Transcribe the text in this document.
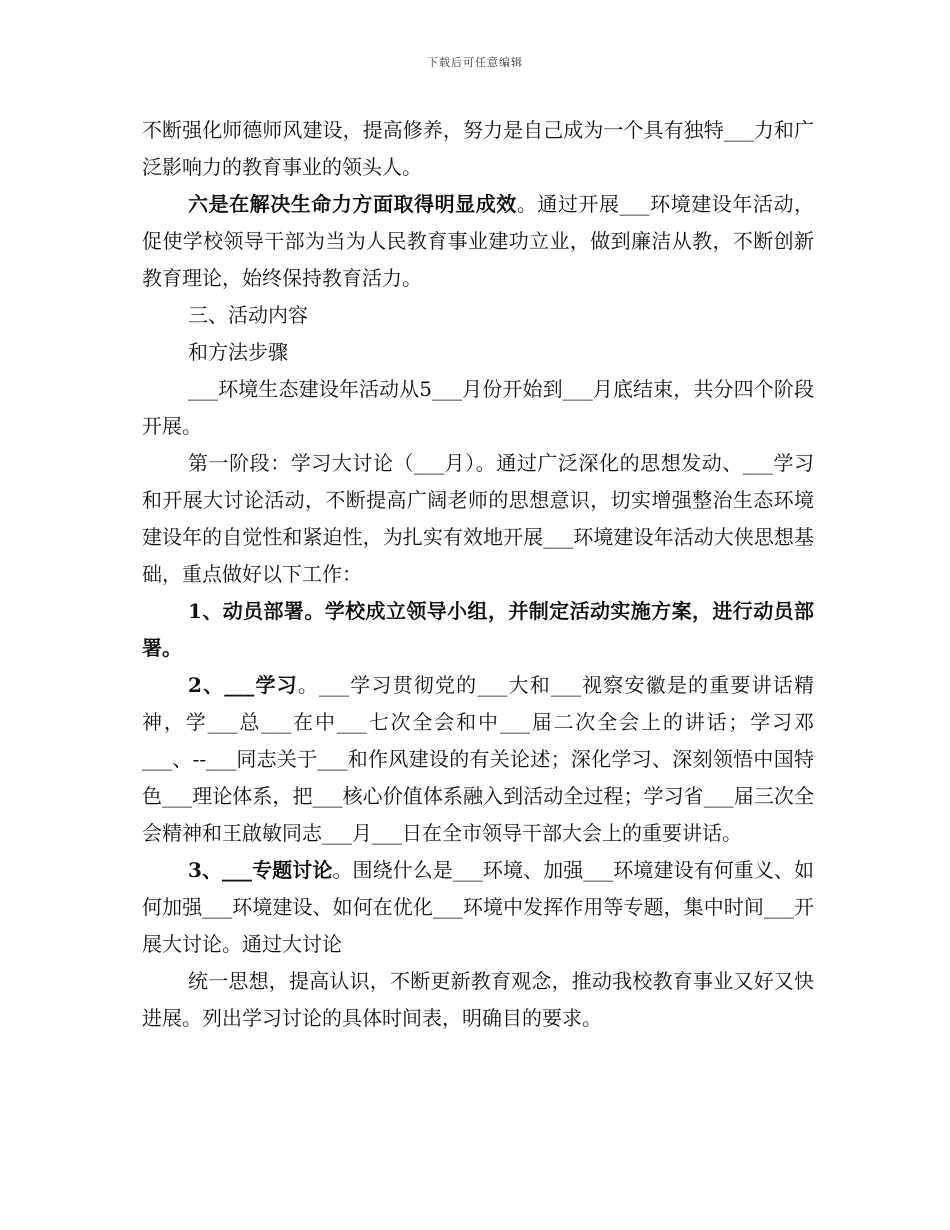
下载后可任意编辑

不断强化师德师风建设，提高修养，努力是自己成为一个具有独特___力和广泛影响力的教育事业的领头人。

六是在解决生命力方面取得明显成效。通过开展___环境建设年活动，促使学校领导干部为当为人民教育事业建功立业，做到廉洁从教，不断创新教育理论，始终保持教育活力。

三、活动内容

和方法步骤

___环境生态建设年活动从5___月份开始到___月底结束，共分四个阶段开展。

第一阶段：学习大讨论（___月）。通过广泛深化的思想发动、___学习和开展大讨论活动，不断提高广阔老师的思想意识，切实增强整治生态环境建设年的自觉性和紧迫性，为扎实有效地开展___环境建设年活动大侠思想基础，重点做好以下工作：

1、动员部署。学校成立领导小组，并制定活动实施方案，进行动员部署。

2、___学习。___学习贯彻党的___大和___视察安徽是的重要讲话精神，学___总___在中___七次全会和中___届二次全会上的讲话；学习邓___、--___同志关于___和作风建设的有关论述；深化学习、深刻领悟中国特色___理论体系，把___核心价值体系融入到活动全过程；学习省___届三次全会精神和王啟敏同志___月___日在全市领导干部大会上的重要讲话。

3、___专题讨论。围绕什么是___环境、加强___环境建设有何重义、如何加强___环境建设、如何在优化___环境中发挥作用等专题，集中时间___开展大讨论。通过大讨论

统一思想，提高认识，不断更新教育观念，推动我校教育事业又好又快进展。列出学习讨论的具体时间表，明确目的要求。
